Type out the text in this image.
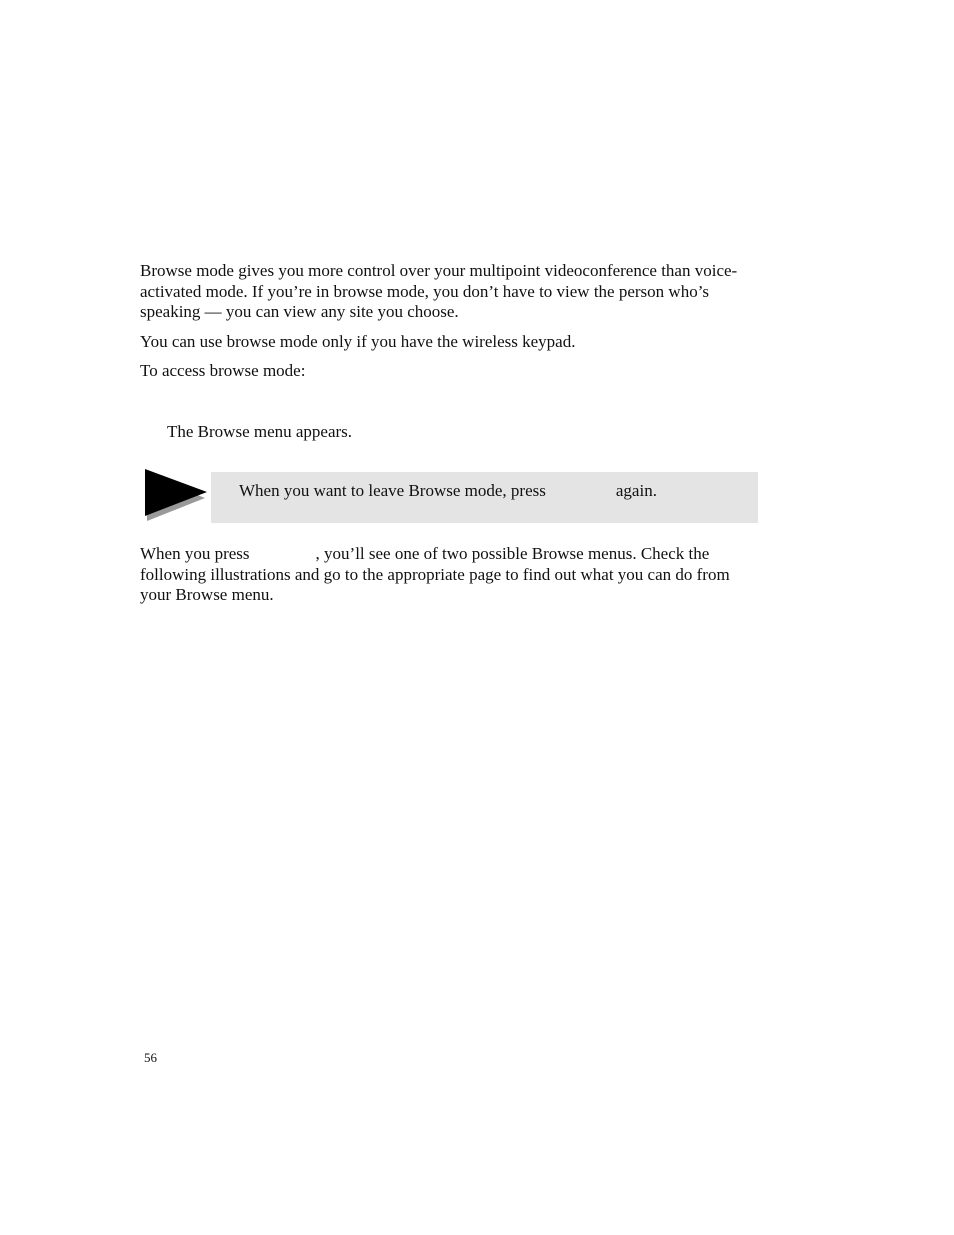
Browse mode gives you more control over your multipoint videoconference than voice-activated mode. If you’re in browse mode, you don’t have to view the person who’s speaking — you can view any site you choose.

You can use browse mode only if you have the wireless keypad.

To access browse mode:

The Browse menu appears.

When you want to leave Browse mode, press	again.

When you press	, you’ll see one of two possible Browse menus. Check the following illustrations and go to the appropriate page to find out what you can do from your Browse menu.

56
